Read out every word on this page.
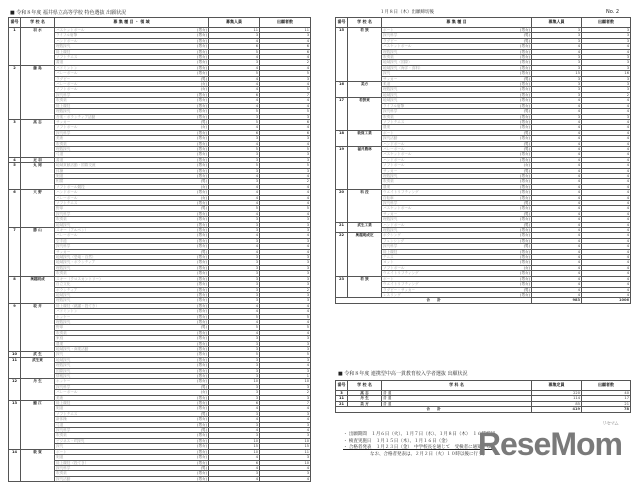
■ 令和８年度 福井県立高等学校 特色選抜 出願状況
番号	学 校 名	募 集 種 目 ・ 領 域		募集人員	出願者数
1	羽 水	バスケットボール	(男女)	11	11
		ライフル射撃	(男女)	3	3
		ハンドボール	(男女)	4	4
		理数探究	(男女)	6	6
		陸上競技	(男女)	5	6
		ソフトテニス	(男女)	4	4
		書道	(男女)	3	2
2	藤 島	バドミントン	(男女)	4	4
		バレーボール	(男女)	5	5
		ラグビー	(男)	4	3
		バレーボール	(女)	4	4
		ソフトボール	(女)	4	5
		探究科学	(男女)	6	7
		吹奏楽	(男女)	4	4
		陸上競技	(男女)	4	4
		理数探究	(男女)	5	5
		音楽・ボランティア活動	(男女)	3	3
3	高 志	サッカー	(男)	5	6
		ソフトボール	(女)	4	4
		探究科学	(男女)	6	6
		美術	(男女)	3	3
		吹奏楽	(男女)	4	4
		理数探究	(男女)	5	5
		弓道	(男女)	3	3
4	足 羽	書道	(男女)	3	3
5	丸 岡	地域貢献活動・国際交流	(男女)	5	5
		体操	(男女)	3	3
		剣道	(男女)	4	4
		相撲	(男)	3	2
		ソフトボール競技	(女)	4	4
6	大 野	ハンドボール	(男女)	4	4
		バレーボール	(女)	4	4
		ソフトテニス	(男女)	4	4
		野球	(男)	5	5
		探究科学	(男女)	4	4
		吹奏楽	(男女)	3	3
		地域探究	(男女)	3	3
7	勝 山	スキー（アルペン）	(男女)	3	3
		バレーボール	(男女)	4	4
		空手道	(男女)	3	3
		探究科学	(男女)	4	4
		サッカー	(男)	4	4
		地域探究（恐竜・自然）	(男女)	3	3
		地域探究・ボランティア	(男女)	3	3
		理数探究	(男女)	3	3
		吹奏楽	(男女)	3	3
8	奥越明成	スキー（クロスカントリー）	(男女)	3	3
		自立文化	(男女)	3	3
		ボランティア	(男女)	3	2
		地域探究	(男女)	3	3
		理数探究	(男女)	3	3
9	坂 井	陸上競技（跳躍・投てき）	(男女)	4	4
		バドミントン	(男女)	4	4
		ホッケー	(男女)	5	5
		理数探究	(男女)	4	4
		野球	(男)	5	5
		吹奏楽	(男女)	4	4
		家庭	(男女)	3	3
		農業	(男女)	3	3
		地域探究・商業活動	(男女)	3	3
10	武 生	探究	(男女)	5	5
11	武生東	地域探究	(男女)	3	3
		理数探究	(男女)	3	4
		国際探究	(男女)	3	3
		情報探究	(男女)	3	1
12	丹 生	ホッケー	(男女)	10	10
		探究科学	(男)	3	3
		バレーボール	(女)	3	2
		美術	(男女)	3	3
13	鯖 江	陸上競技	(男女)	6	7
		剣道	(男女)	4	4
		ソフトテニス	(男)	3	3
		新体操	(男女)	4	4
		弓道	(男女)	3	3
		探究科学	(男)	4	4
		吹奏楽	(男女)	3	3
		ビジネス・IT探究	(男女)	10	10
		探究	(男女)	15	15
14	敦 賀	ボート	(男女)	10	11
		剣道	(男女)	4	3
		陸上競技（投てき）	(男女)	6	10
		探究科学	(男)	4	4
		吹奏楽	(男女)	3	3
		探究活動	(男女)	4	4
１月８日（木）出願締切後	No. 2
番号	学 校 名	募 集 種 目		募集人員	出願者数
15	若 狭	ボート	(男女)	3	3
		探究科学	(男)	3	3
		ラグビー	(男)	3	3
		バスケットボール	(男女)	4	4
		理数探究	(男女)	4	4
		吹奏楽	(男女)	3	3
		地域探究（国際）	(男女)	3	3
		地域探究（海洋・食料）	(男女)	3	3
		探究	(男女)	15	16
		サッカー	(男)	3	3
16	美方	柔道	(男女)	3	3
		理数探究	(男女)	3	3
		地域探究	(男女)	3	2
17	若狭東	地域探究	(男女)	4	4
		ライフル射撃	(男女)	4	4
		探究科学	(男)	4	4
		吹奏楽	(男女)	3	3
		ソフトテニス	(男女)	4	4
		農業	(男女)	4	4
18	敦賀工業	ボート	(男)	4	4
		探究活動	(男女)	4	4
		ハンドボール	(男)	4	4
19	福井農林	バレーボール	(男)	4	4
		バスケットボール	(男女)	4	4
		ハンドボール	(男女)	4	4
		ソフトボール	(女)	4	4
		サッカー	(男)	4	4
		理数探究	(男女)	4	4
		吹奏楽	(男女)	4	4
		農業	(男女)	4	4
20	科 技	ウエイトリフティング	(男女)	4	4
		自転車	(男女)	4	4
		探究科学	(男)	4	4
		バスケットボール	(男女)	4	4
		サッカー	(男)	4	4
		理数探究	(男女)	4	4
21	武生工業	ハンドボール	(男)	4	4
		理数探究	(男女)	4	4
22	奥越明成定	ボクシング	(男女)	4	4
		フェンシング	(男女)	4	4
		探究科学	(男)	4	4
		陸上競技	(男女)	4	4
		テニス	(男女)	4	4
		ヨット	(男女)	4	4
		ソフトボール	(女)	4	4
		ウエイトリフティング	(男女)	4	4
23	若 狭	ボート	(男女)	4	4
		ウエイトリフティング	(男女)	4	4
		ラグビー・サッカー	(男)	4	4
		レスリング	(男女)	4	4
合　　計				983	1006
■ 令和８年度 連携型中高一貫教育校入学者選抜 出願状況
番号	学 校 名	学 科 名	募集定員	出願者数
3	高 志	普 通	220	40
11	丹 生	普 通	114	17
21	美 方	普 通	85	21
合　　計			419	78
・ 出願期間　１月６日（火）、１月７日（水）、１月８日（木）　１６時締切
・ 検査実施日　１月１５日（木）、１月１６日（金）
・ 合格者発表　１月２３日（金）　中学校長を通じて　受検者に通知する。
　　　　　　なお、合格者発表は、２月２日（火）１０時以後に行う。
リセマム
ReseMom
